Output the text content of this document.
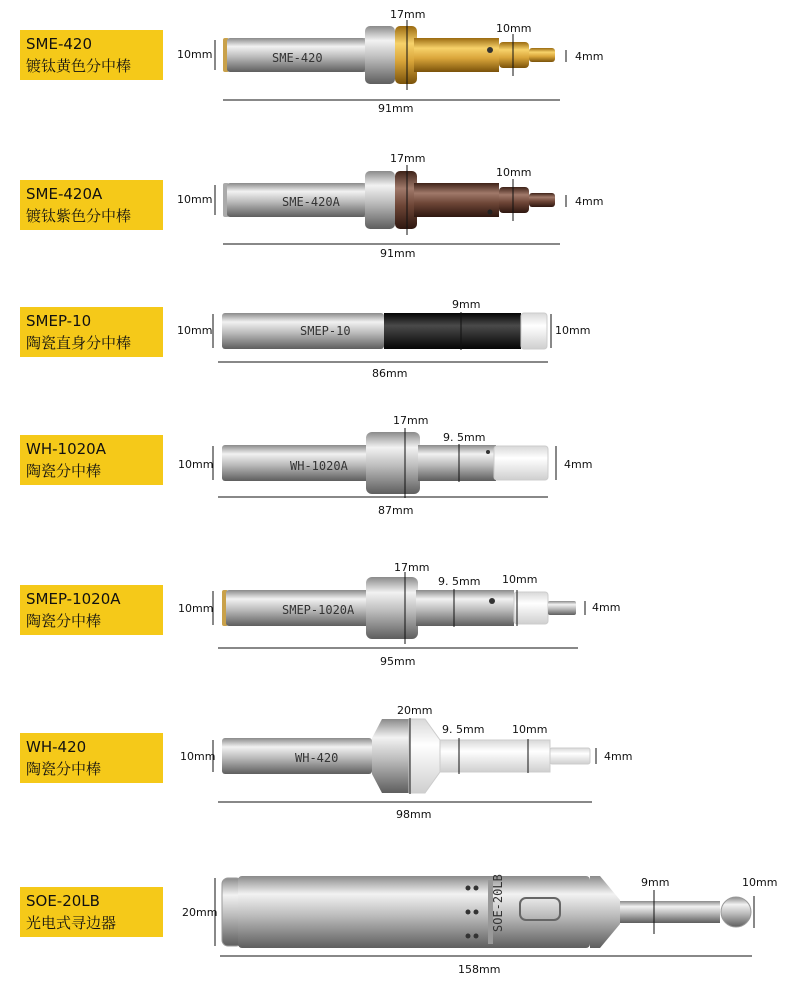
SME-420
镀钛黄色分中棒
SME-420A
镀钛紫色分中棒
SMEP-10
陶瓷直身分中棒
WH-1020A
陶瓷分中棒
SMEP-1020A
陶瓷分中棒
WH-420
陶瓷分中棒
SOE-20LB
光电式寻边器
SME-420
10mm
17mm
10mm
4mm
91mm
SME-420A
10mm
17mm
10mm
4mm
91mm
SMEP-10
10mm
9mm
10mm
86mm
WH-1020A
10mm
17mm
9. 5mm
4mm
87mm
SMEP-1020A
10mm
17mm
9. 5mm 10mm
4mm
95mm
WH-420
10mm
20mm
9. 5mm	10mm
4mm
98mm
SOE-20LB
20mm
9mm	10mm
158mm
